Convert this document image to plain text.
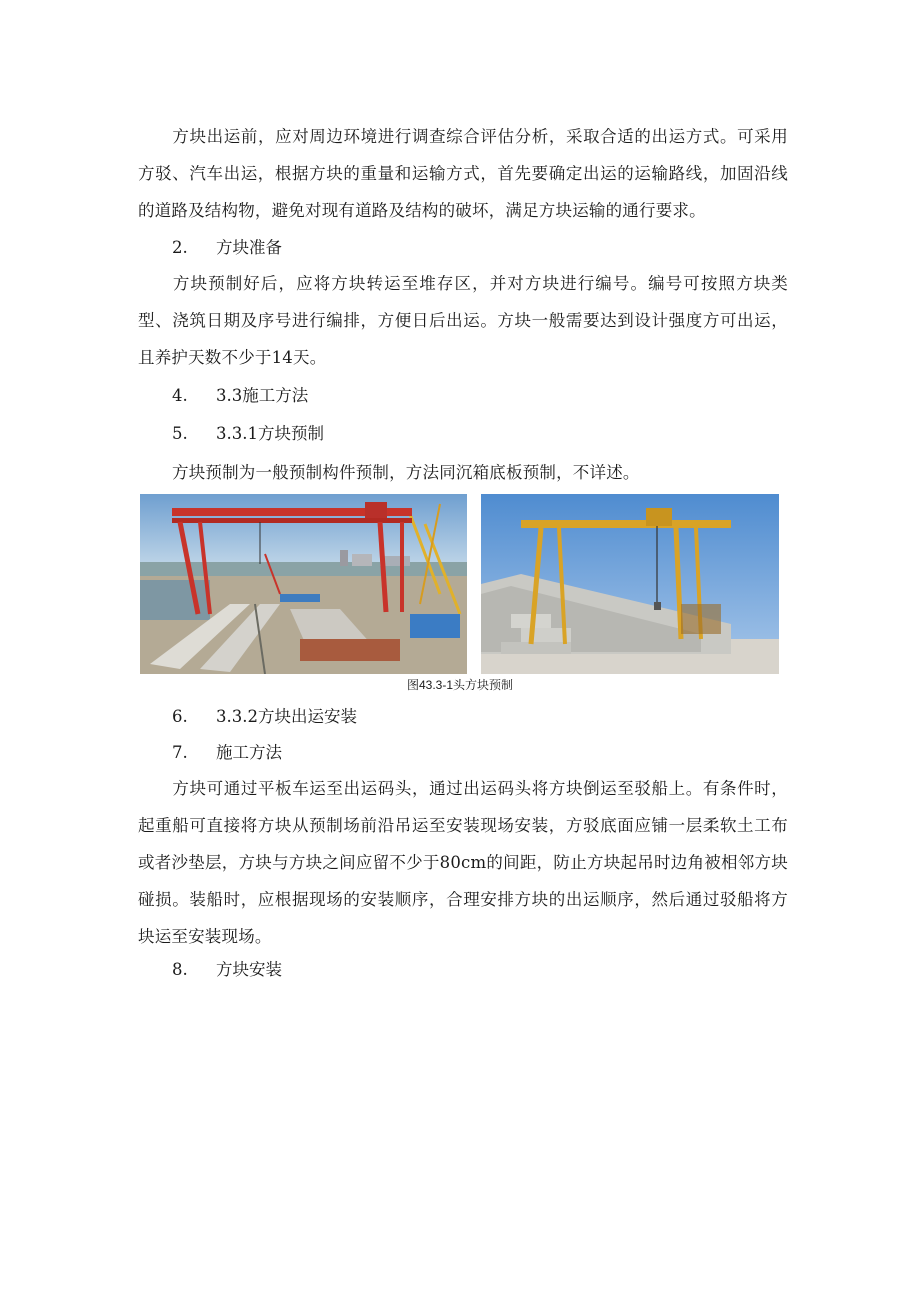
方块出运前，应对周边环境进行调查综合评估分析，采取合适的出运方式。可采用方驳、汽车出运，根据方块的重量和运输方式，首先要确定出运的运输路线，加固沿线的道路及结构物，避免对现有道路及结构的破坏，满足方块运输的通行要求。

2. 方块准备

方块预制好后，应将方块转运至堆存区，并对方块进行编号。编号可按照方块类型、浇筑日期及序号进行编排，方便日后出运。方块一般需要达到设计强度方可出运，且养护天数不少于14天。

4. 3.3施工方法

5. 3.3.1方块预制

方块预制为一般预制构件预制，方法同沉箱底板预制，不详述。

图43.3-1头方块预制

6. 3.3.2方块出运安装

7. 施工方法

方块可通过平板车运至出运码头，通过出运码头将方块倒运至驳船上。有条件时，起重船可直接将方块从预制场前沿吊运至安装现场安装，方驳底面应铺一层柔软土工布或者沙垫层，方块与方块之间应留不少于80cm的间距，防止方块起吊时边角被相邻方块碰损。装船时，应根据现场的安装顺序，合理安排方块的出运顺序，然后通过驳船将方块运至安装现场。

8. 方块安装
